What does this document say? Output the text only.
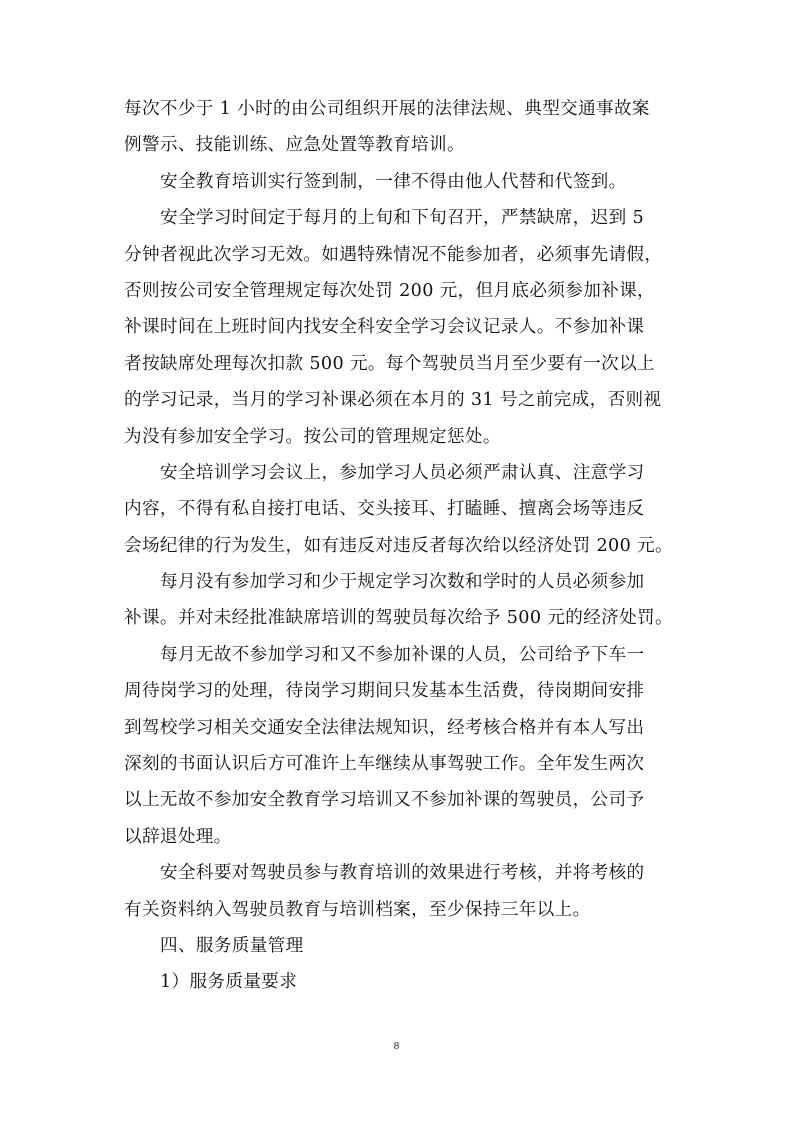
每次不少于 1 小时的由公司组织开展的法律法规、典型交通事故案
例警示、技能训练、应急处置等教育培训。
安全教育培训实行签到制，一律不得由他人代替和代签到。
安全学习时间定于每月的上旬和下旬召开，严禁缺席，迟到 5
分钟者视此次学习无效。如遇特殊情况不能参加者，必须事先请假，
否则按公司安全管理规定每次处罚 200 元，但月底必须参加补课，
补课时间在上班时间内找安全科安全学习会议记录人。不参加补课
者按缺席处理每次扣款 500 元。每个驾驶员当月至少要有一次以上
的学习记录，当月的学习补课必须在本月的 31 号之前完成，否则视
为没有参加安全学习。按公司的管理规定惩处。
安全培训学习会议上，参加学习人员必须严肃认真、注意学习
内容，不得有私自接打电话、交头接耳、打瞌睡、擅离会场等违反
会场纪律的行为发生，如有违反对违反者每次给以经济处罚 200 元。
每月没有参加学习和少于规定学习次数和学时的人员必须参加
补课。并对未经批准缺席培训的驾驶员每次给予 500 元的经济处罚。
每月无故不参加学习和又不参加补课的人员，公司给予下车一
周待岗学习的处理，待岗学习期间只发基本生活费，待岗期间安排
到驾校学习相关交通安全法律法规知识，经考核合格并有本人写出
深刻的书面认识后方可准许上车继续从事驾驶工作。全年发生两次
以上无故不参加安全教育学习培训又不参加补课的驾驶员，公司予
以辞退处理。
安全科要对驾驶员参与教育培训的效果进行考核，并将考核的
有关资料纳入驾驶员教育与培训档案，至少保持三年以上。
四、服务质量管理
1）服务质量要求
8
